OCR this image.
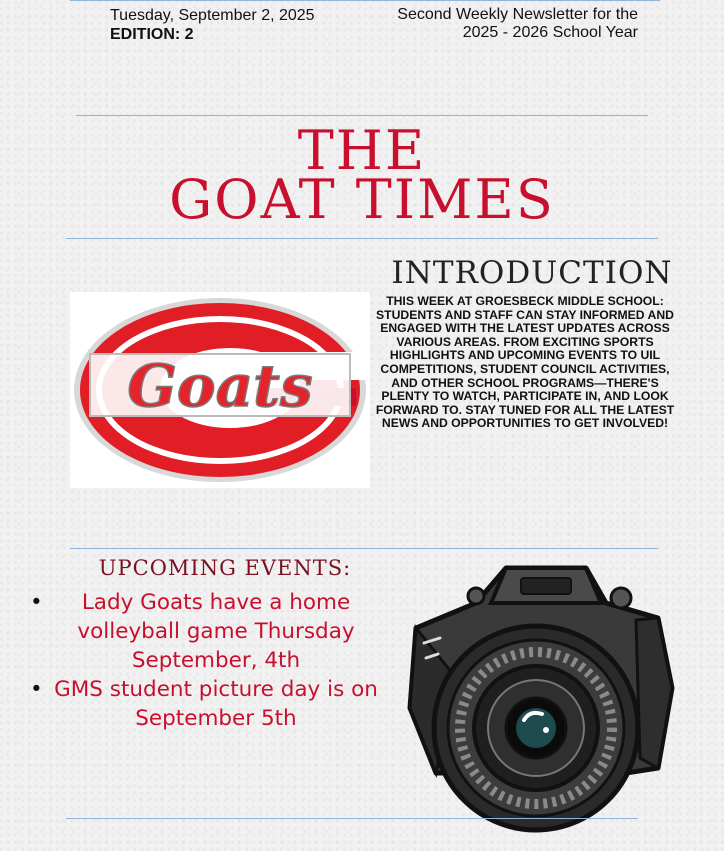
Tuesday, September 2, 2025
EDITION: 2
Second Weekly Newsletter for the
2025 - 2026 School Year
THE
GOAT TIMES
Goats
INTRODUCTION
THIS WEEK AT GROESBECK MIDDLE SCHOOL: STUDENTS AND STAFF CAN STAY INFORMED AND ENGAGED WITH THE LATEST UPDATES ACROSS VARIOUS AREAS. FROM EXCITING SPORTS HIGHLIGHTS AND UPCOMING EVENTS TO UIL COMPETITIONS, STUDENT COUNCIL ACTIVITIES, AND OTHER SCHOOL PROGRAMS—THERE'S PLENTY TO WATCH, PARTICIPATE IN, AND LOOK FORWARD TO. STAY TUNED FOR ALL THE LATEST NEWS AND OPPORTUNITIES TO GET INVOLVED!
UPCOMING EVENTS:
• Lady Goats have a home volleyball game Thursday September, 4th
• GMS student picture day is on September 5th
